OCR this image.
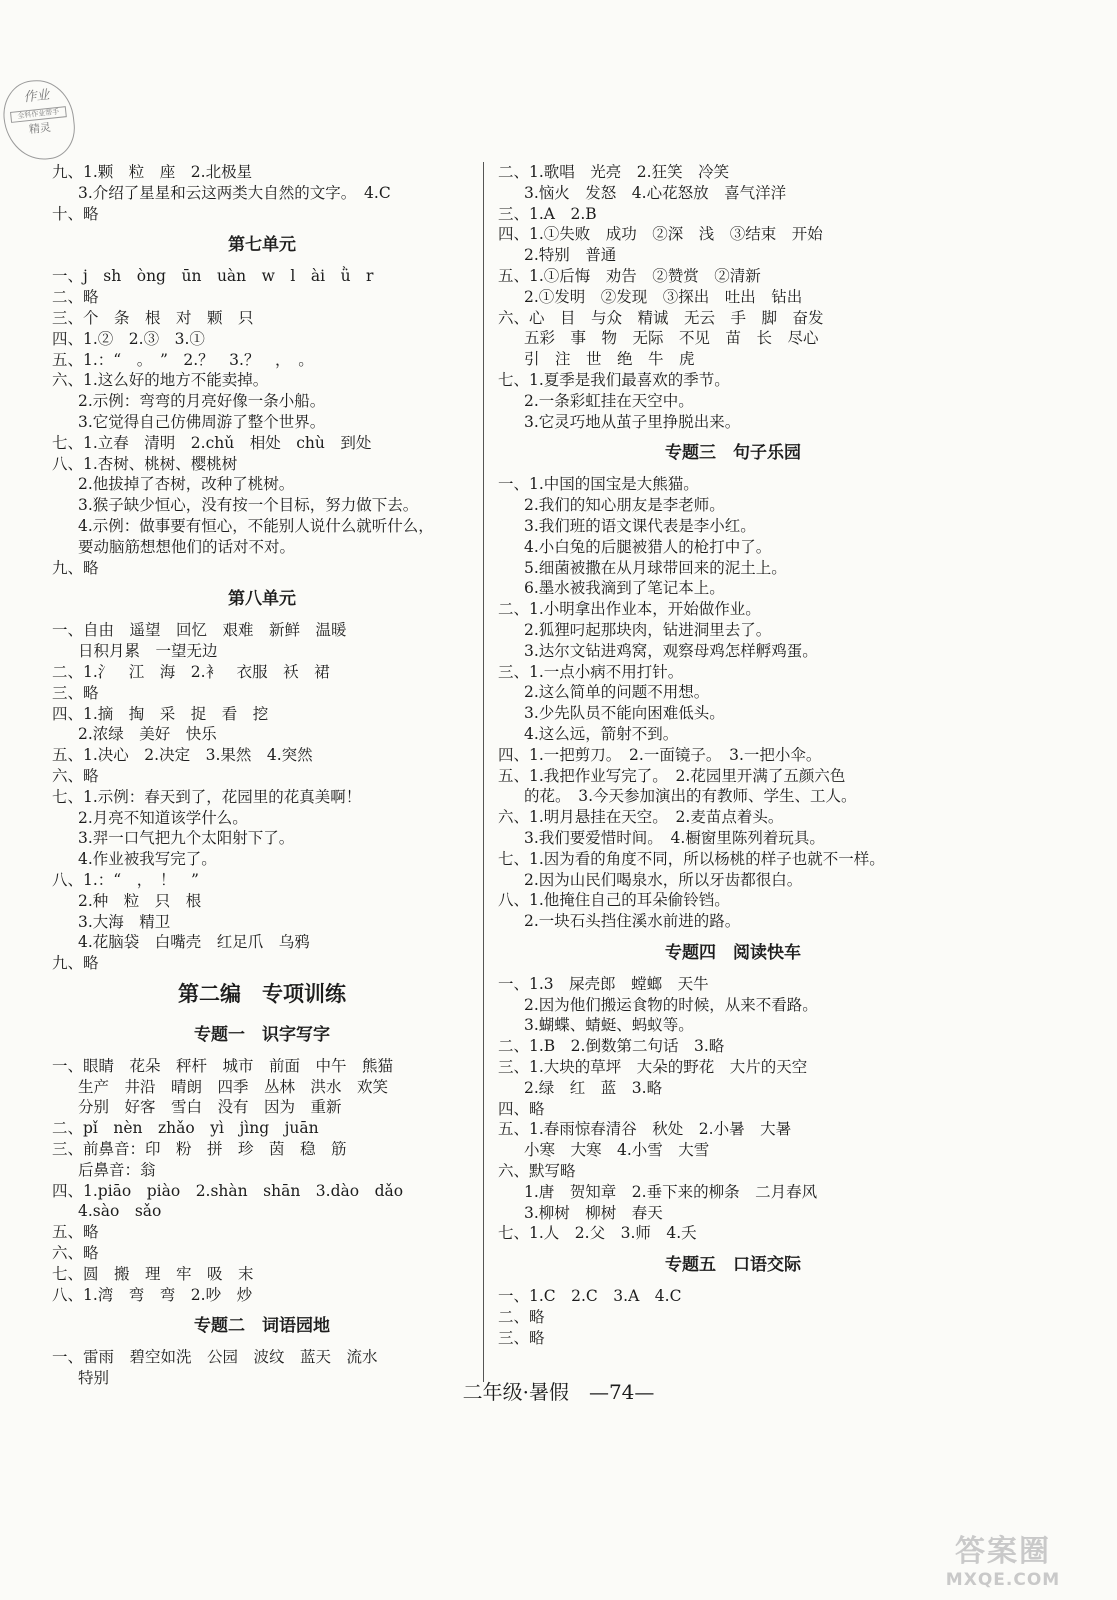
作业
全科作业帮手
精灵
九、1.颗　粒　座　2.北极星
3.介绍了星星和云这两类大自然的文字。　4.C
十、略
第七单元
一、j　sh　òng　ūn　uàn　w　l　ài　ǜ　r
二、略
三、个　条　根　对　颗　只
四、1.②　2.③　3.①
五、1.：“　。　”　2.？　3.？　，　。
六、1.这么好的地方不能卖掉。
2.示例：弯弯的月亮好像一条小船。
3.它觉得自己仿佛周游了整个世界。
七、1.立春　清明　2.chǔ　相处　chù　到处
八、1.杏树、桃树、樱桃树
2.他拔掉了杏树，改种了桃树。
3.猴子缺少恒心，没有按一个目标，努力做下去。
4.示例：做事要有恒心，不能别人说什么就听什么，
要动脑筋想想他们的话对不对。
九、略
第八单元
一、自由　遥望　回忆　艰难　新鲜　温暖
日积月累　一望无边
二、1.氵　江　海　2.衤　衣服　袄　裙
三、略
四、1.摘　掏　采　捉　看　挖
2.浓绿　美好　快乐
五、1.决心　2.决定　3.果然　4.突然
六、略
七、1.示例：春天到了，花园里的花真美啊！
2.月亮不知道该学什么。
3.羿一口气把九个太阳射下了。
4.作业被我写完了。
八、1.：“　，　！　”
2.种　粒　只　根
3.大海　精卫
4.花脑袋　白嘴壳　红足爪　乌鸦
九、略
第二编　专项训练
专题一　识字写字
一、眼睛　花朵　秤杆　城市　前面　中午　熊猫
生产　井沿　晴朗　四季　丛林　洪水　欢笑
分别　好客　雪白　没有　因为　重新
二、pǐ　nèn　zhǎo　yì　jìng　juān
三、前鼻音：印　粉　拼　珍　茵　稳　筋
后鼻音：翁
四、1.piāo　piào　2.shàn　shān　3.dào　dǎo
4.sào　sǎo
五、略
六、略
七、圆　搬　理　牢　吸　末
八、1.湾　弯　弯　2.吵　炒
专题二　词语园地
一、雷雨　碧空如洗　公园　波纹　蓝天　流水
特别
二、1.歌唱　光亮　2.狂笑　冷笑
3.恼火　发怒　4.心花怒放　喜气洋洋
三、1.A　2.B
四、1.①失败　成功　②深　浅　③结束　开始
2.特别　普通
五、1.①后悔　劝告　②赞赏　②清新
2.①发明　②发现　③探出　吐出　钻出
六、心　目　与众　精诚　无云　手　脚　奋发
五彩　事　物　无际　不见　苗　长　尽心
引　注　世　绝　牛　虎
七、1.夏季是我们最喜欢的季节。
2.一条彩虹挂在天空中。
3.它灵巧地从茧子里挣脱出来。
专题三　句子乐园
一、1.中国的国宝是大熊猫。
2.我们的知心朋友是李老师。
3.我们班的语文课代表是李小红。
4.小白兔的后腿被猎人的枪打中了。
5.细菌被撒在从月球带回来的泥土上。
6.墨水被我滴到了笔记本上。
二、1.小明拿出作业本，开始做作业。
2.狐狸叼起那块肉，钻进洞里去了。
3.达尔文钻进鸡窝，观察母鸡怎样孵鸡蛋。
三、1.一点小病不用打针。
2.这么简单的问题不用想。
3.少先队员不能向困难低头。
4.这么远，箭射不到。
四、1.一把剪刀。　2.一面镜子。　3.一把小伞。
五、1.我把作业写完了。　2.花园里开满了五颜六色
的花。　3.今天参加演出的有教师、学生、工人。
六、1.明月悬挂在天空。　2.麦苗点着头。
3.我们要爱惜时间。　4.橱窗里陈列着玩具。
七、1.因为看的角度不同，所以杨桃的样子也就不一样。
2.因为山民们喝泉水，所以牙齿都很白。
八、1.他掩住自己的耳朵偷铃铛。
2.一块石头挡住溪水前进的路。
专题四　阅读快车
一、1.3　屎壳郎　螳螂　天牛
2.因为他们搬运食物的时候，从来不看路。
3.蝴蝶、蜻蜓、蚂蚁等。
二、1.B　2.倒数第二句话　3.略
三、1.大块的草坪　大朵的野花　大片的天空
2.绿　红　蓝　3.略
四、略
五、1.春雨惊春清谷　秋处　2.小暑　大暑
小寒　大寒　4.小雪　大雪
六、默写略
1.唐　贺知章　2.垂下来的柳条　二月春风
3.柳树　柳树　春天
七、1.人　2.父　3.师　4.夭
专题五　口语交际
一、1.C　2.C　3.A　4.C
二、略
三、略
二年级·暑假　—74—
答案圈
MXQE.COM
